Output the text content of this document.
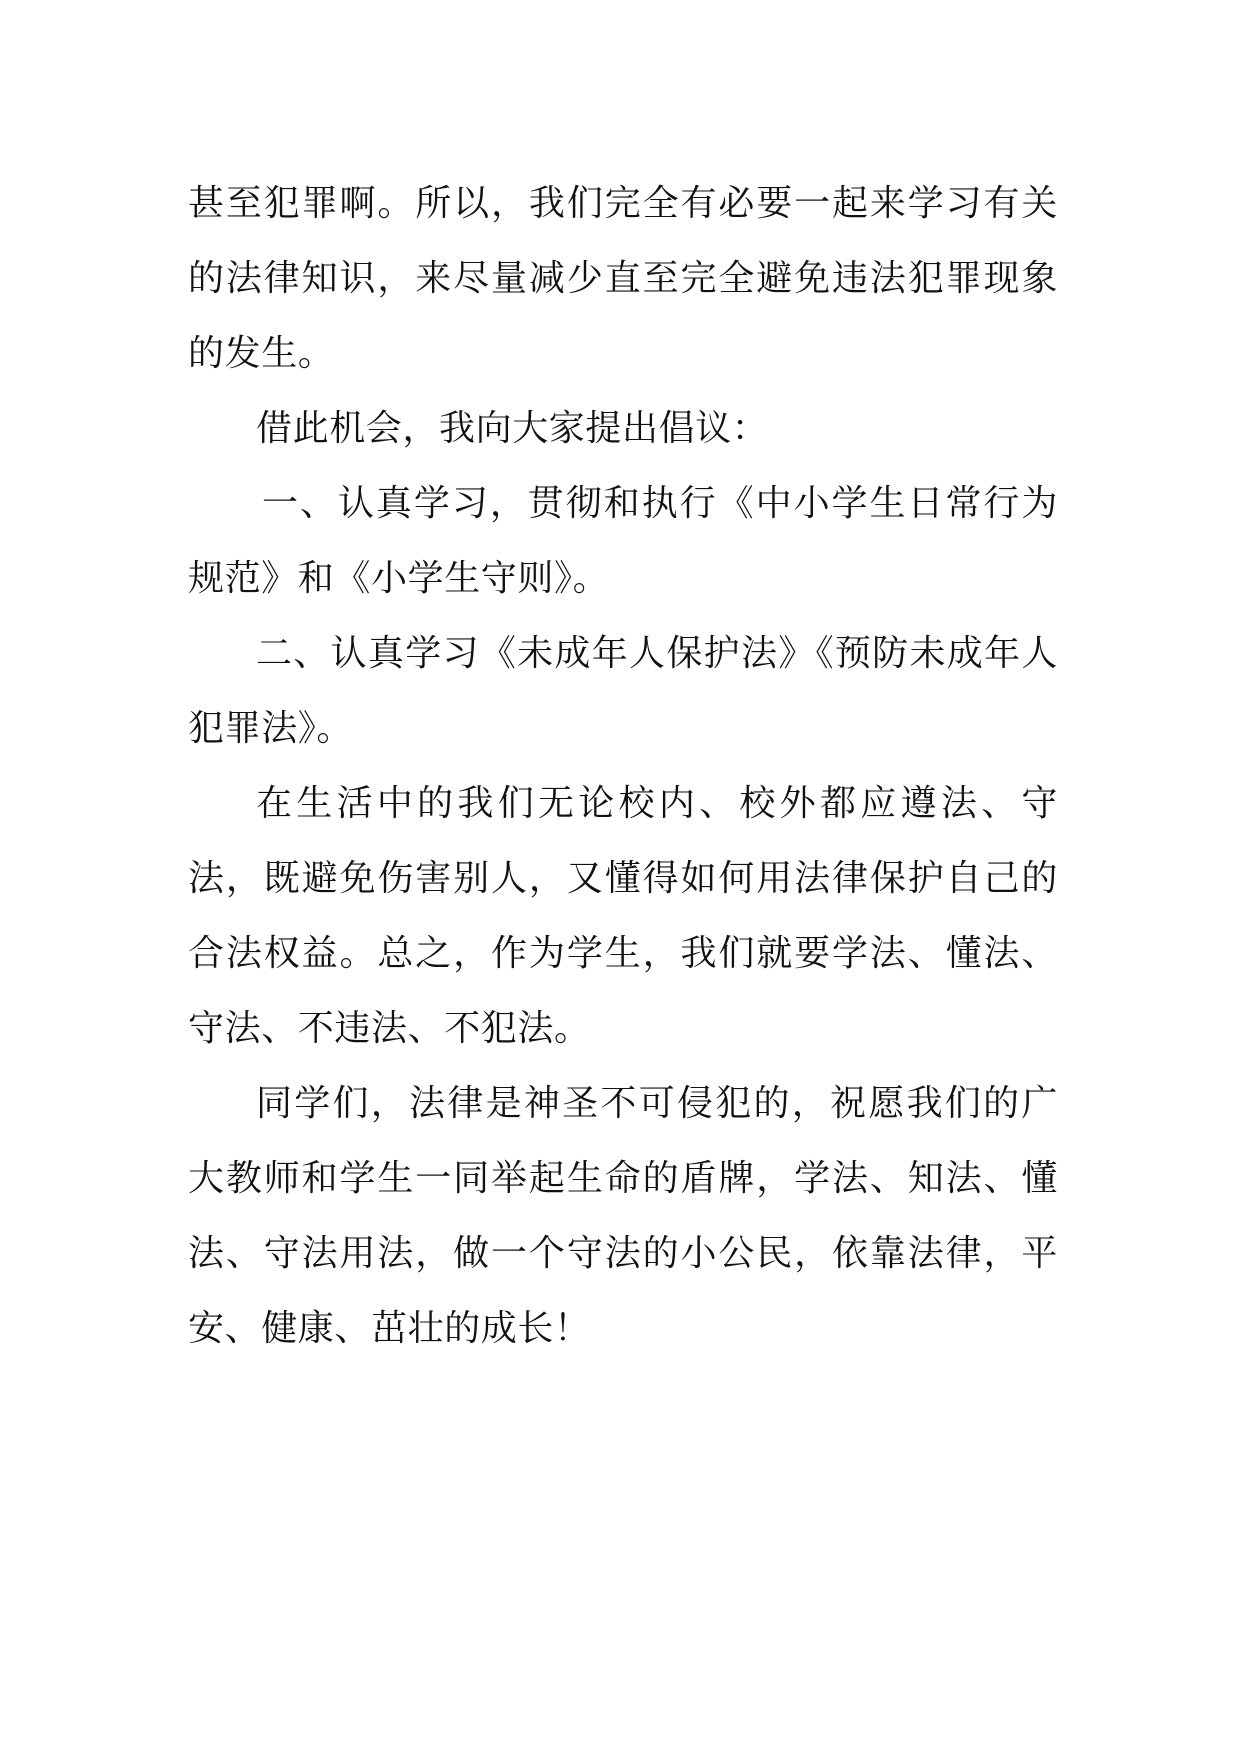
甚至犯罪啊。所以，我们完全有必要一起来学习有关的法律知识，来尽量减少直至完全避免违法犯罪现象的发生。

借此机会，我向大家提出倡议：

一、认真学习，贯彻和执行《中小学生日常行为规范》和《小学生守则》。

二、认真学习《未成年人保护法》《预防未成年人犯罪法》。

在生活中的我们无论校内、校外都应遵法、守法，既避免伤害别人，又懂得如何用法律保护自己的合法权益。总之，作为学生，我们就要学法、懂法、守法、不违法、不犯法。

同学们，法律是神圣不可侵犯的，祝愿我们的广大教师和学生一同举起生命的盾牌，学法、知法、懂法、守法用法，做一个守法的小公民，依靠法律，平安、健康、茁壮的成长！
